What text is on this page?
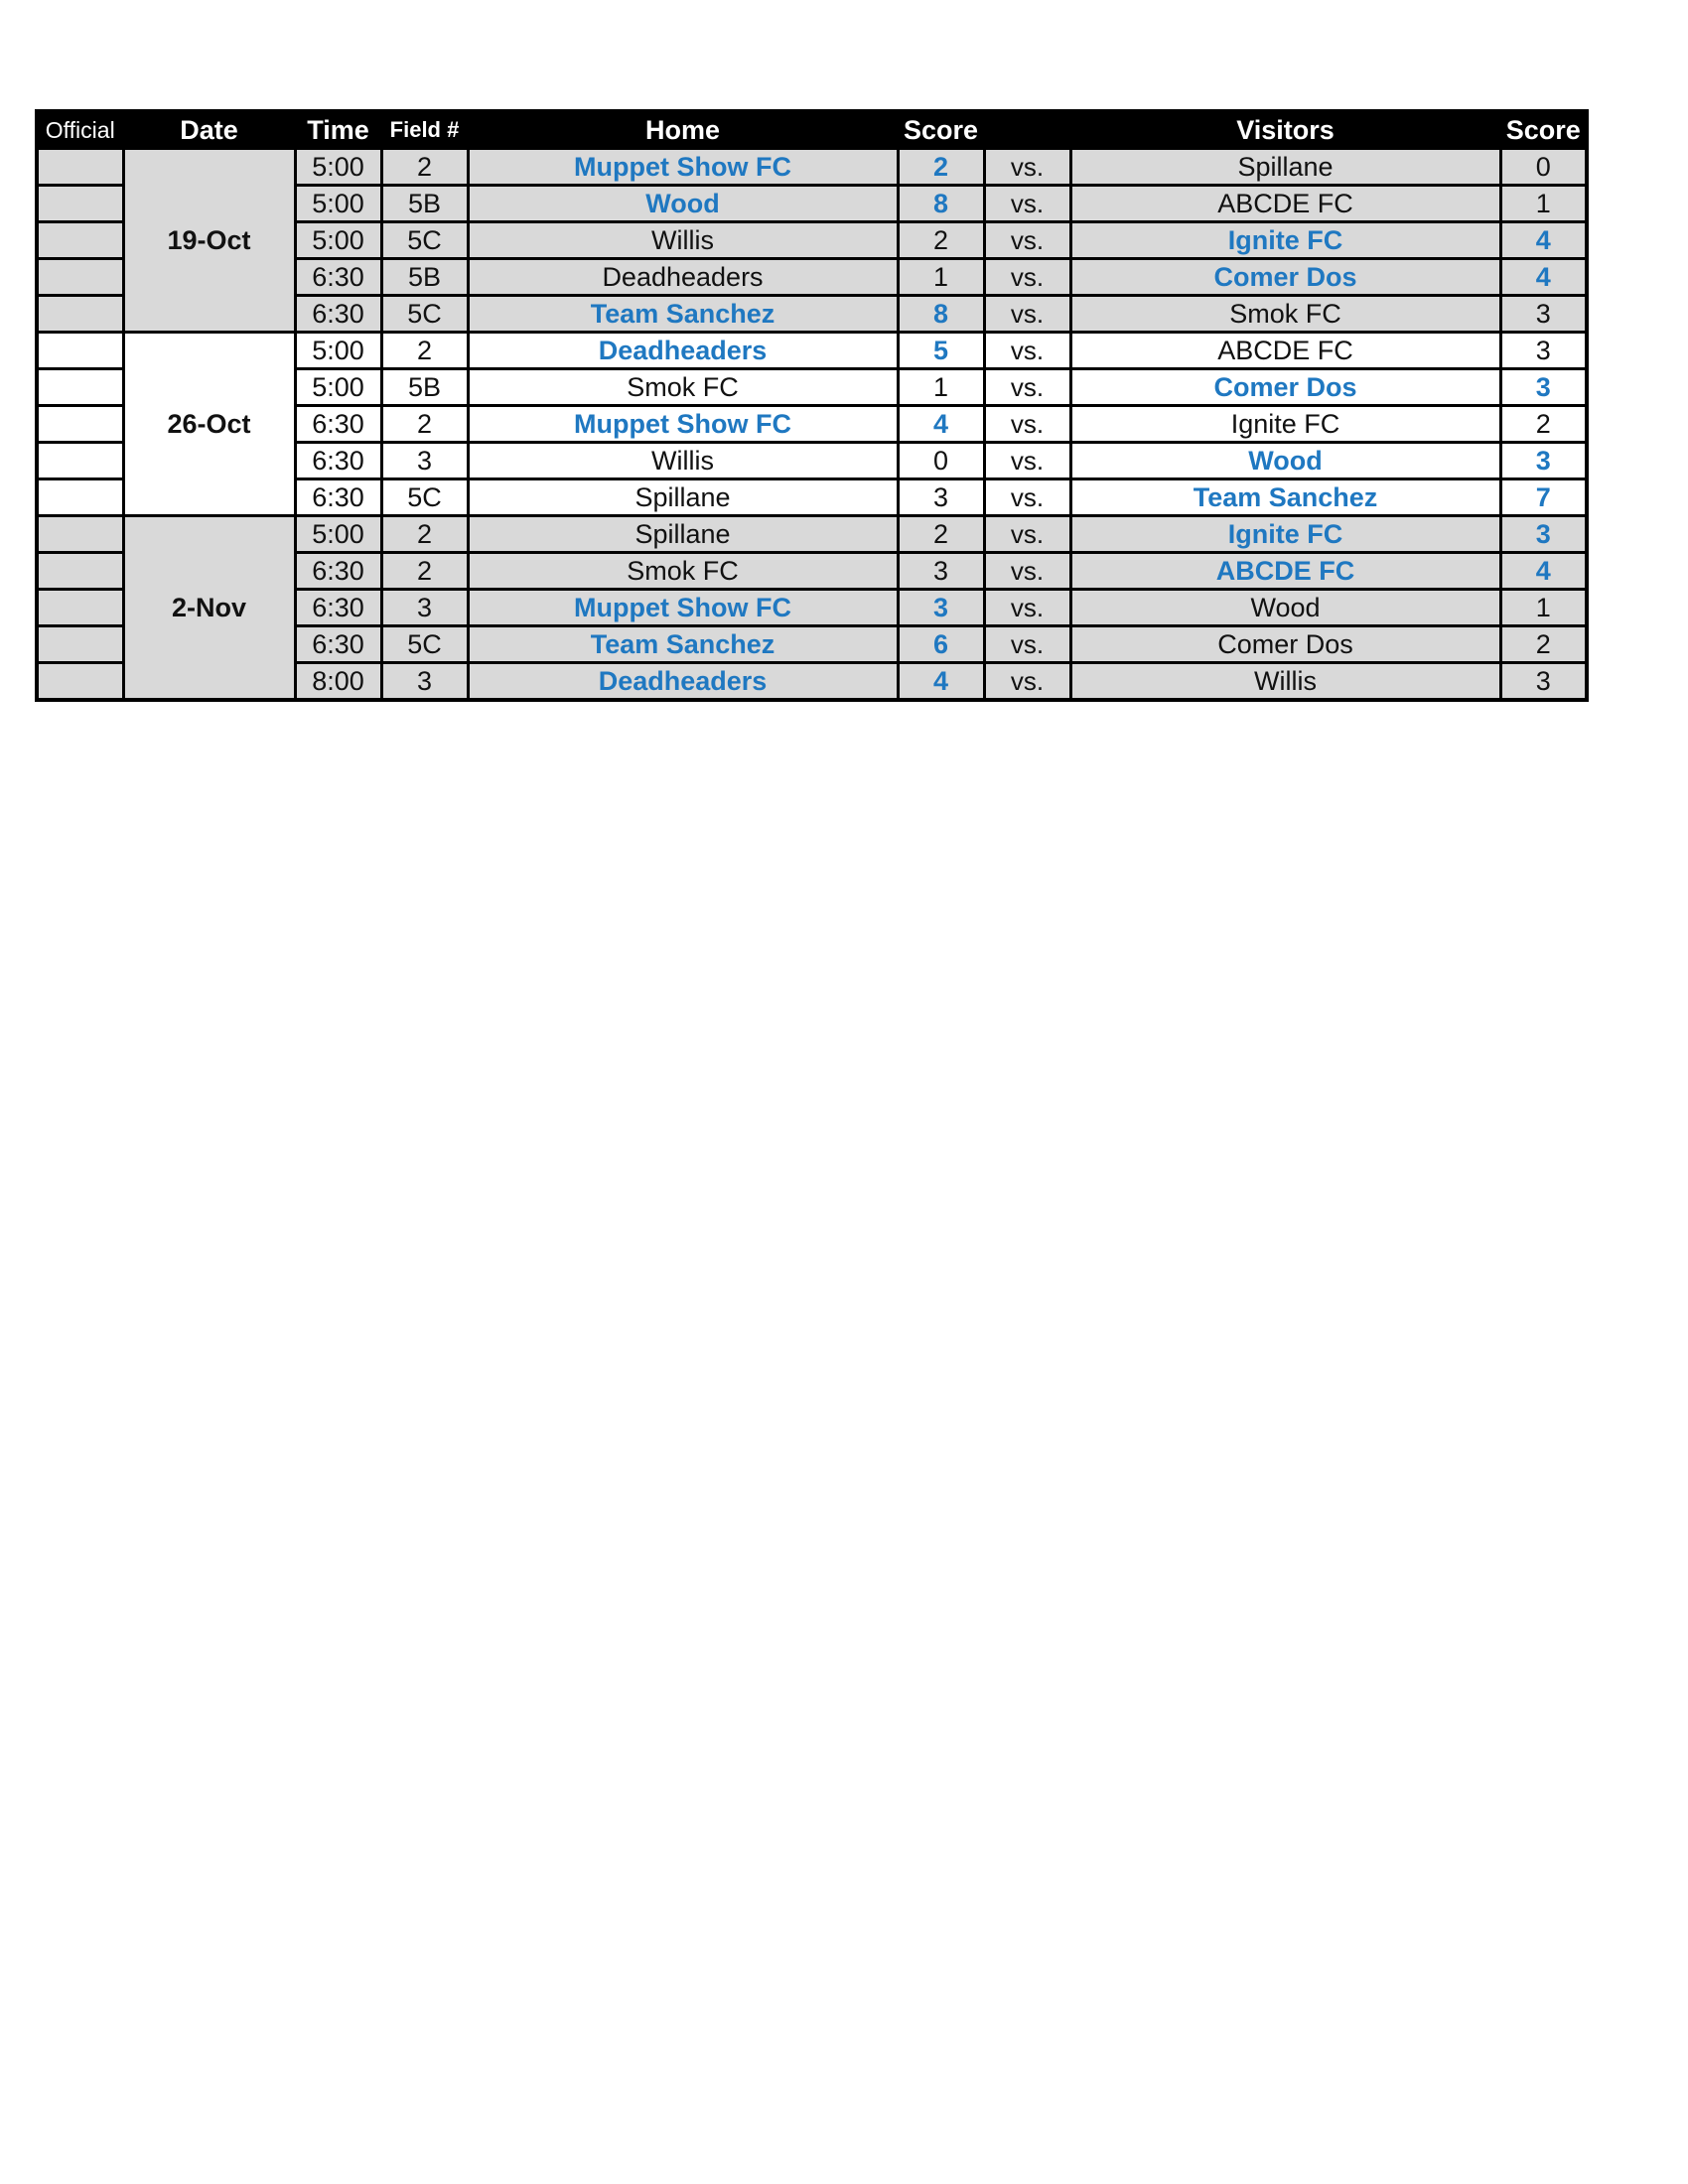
Official	Date	Time	Field #	Home	Score		Visitors	Score
	19-Oct	5:00	2	Muppet Show FC	2	vs.	Spillane	0
		5:00	5B	Wood	8	vs.	ABCDE FC	1
		5:00	5C	Willis	2	vs.	Ignite FC	4
		6:30	5B	Deadheaders	1	vs.	Comer Dos	4
		6:30	5C	Team Sanchez	8	vs.	Smok FC	3
	26-Oct	5:00	2	Deadheaders	5	vs.	ABCDE FC	3
		5:00	5B	Smok FC	1	vs.	Comer Dos	3
		6:30	2	Muppet Show FC	4	vs.	Ignite FC	2
		6:30	3	Willis	0	vs.	Wood	3
		6:30	5C	Spillane	3	vs.	Team Sanchez	7
	2-Nov	5:00	2	Spillane	2	vs.	Ignite FC	3
		6:30	2	Smok FC	3	vs.	ABCDE FC	4
		6:30	3	Muppet Show FC	3	vs.	Wood	1
		6:30	5C	Team Sanchez	6	vs.	Comer Dos	2
		8:00	3	Deadheaders	4	vs.	Willis	3
